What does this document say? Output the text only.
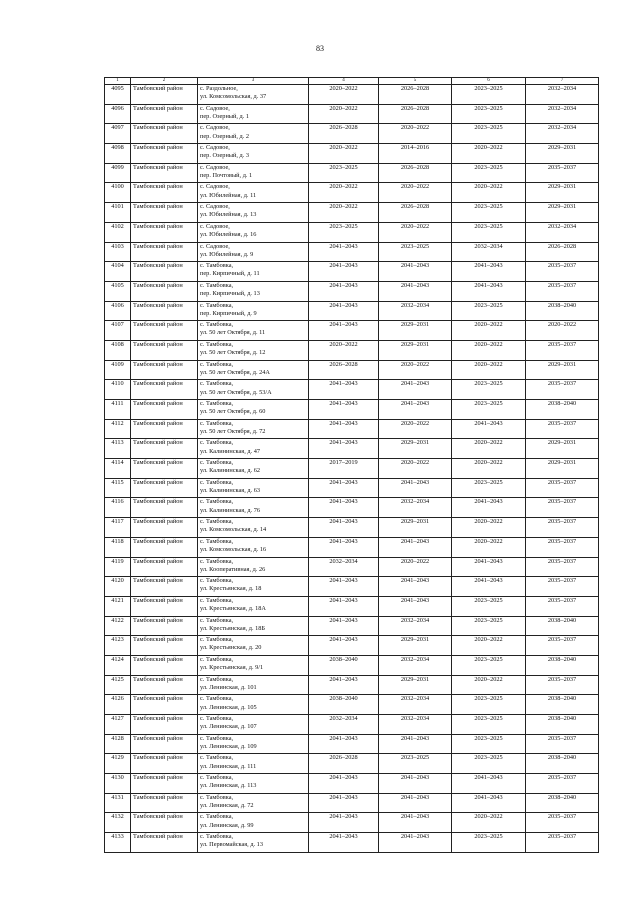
83
1	2	3	4	5	6	7
4095	Тамбовский район	с. Раздольное,
ул. Комсомольская, д. 37	2020–2022	2026–2028	2023–2025	2032–2034
4096	Тамбовский район	с. Садовое,
пер. Озерный, д. 1	2020–2022	2026–2028	2023–2025	2032–2034
4097	Тамбовский район	с. Садовое,
пер. Озерный, д. 2	2026–2028	2020–2022	2023–2025	2032–2034
4098	Тамбовский район	с. Садовое,
пер. Озерный, д. 3	2020–2022	2014–2016	2020–2022	2029–2031
4099	Тамбовский район	с. Садовое,
пер. Почтовый, д. 1	2023–2025	2026–2028	2023–2025	2035–2037
4100	Тамбовский район	с. Садовое,
ул. Юбилейная, д. 11	2020–2022	2020–2022	2020–2022	2029–2031
4101	Тамбовский район	с. Садовое,
ул. Юбилейная, д. 13	2020–2022	2026–2028	2023–2025	2029–2031
4102	Тамбовский район	с. Садовое,
ул. Юбилейная, д. 16	2023–2025	2020–2022	2023–2025	2032–2034
4103	Тамбовский район	с. Садовое,
ул. Юбилейная, д. 9	2041–2043	2023–2025	2032–2034	2026–2028
4104	Тамбовский район	с. Тамбовка,
пер. Кирпичный, д. 11	2041–2043	2041–2043	2041–2043	2035–2037
4105	Тамбовский район	с. Тамбовка,
пер. Кирпичный, д. 13	2041–2043	2041–2043	2041–2043	2035–2037
4106	Тамбовский район	с. Тамбовка,
пер. Кирпичный, д. 9	2041–2043	2032–2034	2023–2025	2038–2040
4107	Тамбовский район	с. Тамбовка,
ул. 50 лет Октября, д. 11	2041–2043	2029–2031	2020–2022	2020–2022
4108	Тамбовский район	с. Тамбовка,
ул. 50 лет Октября, д. 12	2020–2022	2029–2031	2020–2022	2035–2037
4109	Тамбовский район	с. Тамбовка,
ул. 50 лет Октября, д. 24А	2026–2028	2020–2022	2020–2022	2029–2031
4110	Тамбовский район	с. Тамбовка,
ул. 50 лет Октября, д. 53/А	2041–2043	2041–2043	2023–2025	2035–2037
4111	Тамбовский район	с. Тамбовка,
ул. 50 лет Октября, д. 60	2041–2043	2041–2043	2023–2025	2038–2040
4112	Тамбовский район	с. Тамбовка,
ул. 50 лет Октября, д. 72	2041–2043	2020–2022	2041–2043	2035–2037
4113	Тамбовский район	с. Тамбовка,
ул. Калининская, д. 47	2041–2043	2029–2031	2020–2022	2029–2031
4114	Тамбовский район	с. Тамбовка,
ул. Калининская, д. 62	2017–2019	2020–2022	2020–2022	2029–2031
4115	Тамбовский район	с. Тамбовка,
ул. Калининская, д. 63	2041–2043	2041–2043	2023–2025	2035–2037
4116	Тамбовский район	с. Тамбовка,
ул. Калининская, д. 76	2041–2043	2032–2034	2041–2043	2035–2037
4117	Тамбовский район	с. Тамбовка,
ул. Комсомольская, д. 14	2041–2043	2029–2031	2020–2022	2035–2037
4118	Тамбовский район	с. Тамбовка,
ул. Комсомольская, д. 16	2041–2043	2041–2043	2020–2022	2035–2037
4119	Тамбовский район	с. Тамбовка,
ул. Кооперативная, д. 26	2032–2034	2020–2022	2041–2043	2035–2037
4120	Тамбовский район	с. Тамбовка,
ул. Крестьянская, д. 18	2041–2043	2041–2043	2041–2043	2035–2037
4121	Тамбовский район	с. Тамбовка,
ул. Крестьянская, д. 18А	2041–2043	2041–2043	2023–2025	2035–2037
4122	Тамбовский район	с. Тамбовка,
ул. Крестьянская, д. 18Б	2041–2043	2032–2034	2023–2025	2038–2040
4123	Тамбовский район	с. Тамбовка,
ул. Крестьянская, д. 20	2041–2043	2029–2031	2020–2022	2035–2037
4124	Тамбовский район	с. Тамбовка,
ул. Крестьянская, д. 9/1	2038–2040	2032–2034	2023–2025	2038–2040
4125	Тамбовский район	с. Тамбовка,
ул. Ленинская, д. 101	2041–2043	2029–2031	2020–2022	2035–2037
4126	Тамбовский район	с. Тамбовка,
ул. Ленинская, д. 105	2038–2040	2032–2034	2023–2025	2038–2040
4127	Тамбовский район	с. Тамбовка,
ул. Ленинская, д. 107	2032–2034	2032–2034	2023–2025	2038–2040
4128	Тамбовский район	с. Тамбовка,
ул. Ленинская, д. 109	2041–2043	2041–2043	2023–2025	2035–2037
4129	Тамбовский район	с. Тамбовка,
ул. Ленинская, д. 111	2026–2028	2023–2025	2023–2025	2038–2040
4130	Тамбовский район	с. Тамбовка,
ул. Ленинская, д. 113	2041–2043	2041–2043	2041–2043	2035–2037
4131	Тамбовский район	с. Тамбовка,
ул. Ленинская, д. 72	2041–2043	2041–2043	2041–2043	2038–2040
4132	Тамбовский район	с. Тамбовка,
ул. Ленинская, д. 99	2041–2043	2041–2043	2020–2022	2035–2037
4133	Тамбовский район	с. Тамбовка,
ул. Первомайская, д. 13	2041–2043	2041–2043	2023–2025	2035–2037
